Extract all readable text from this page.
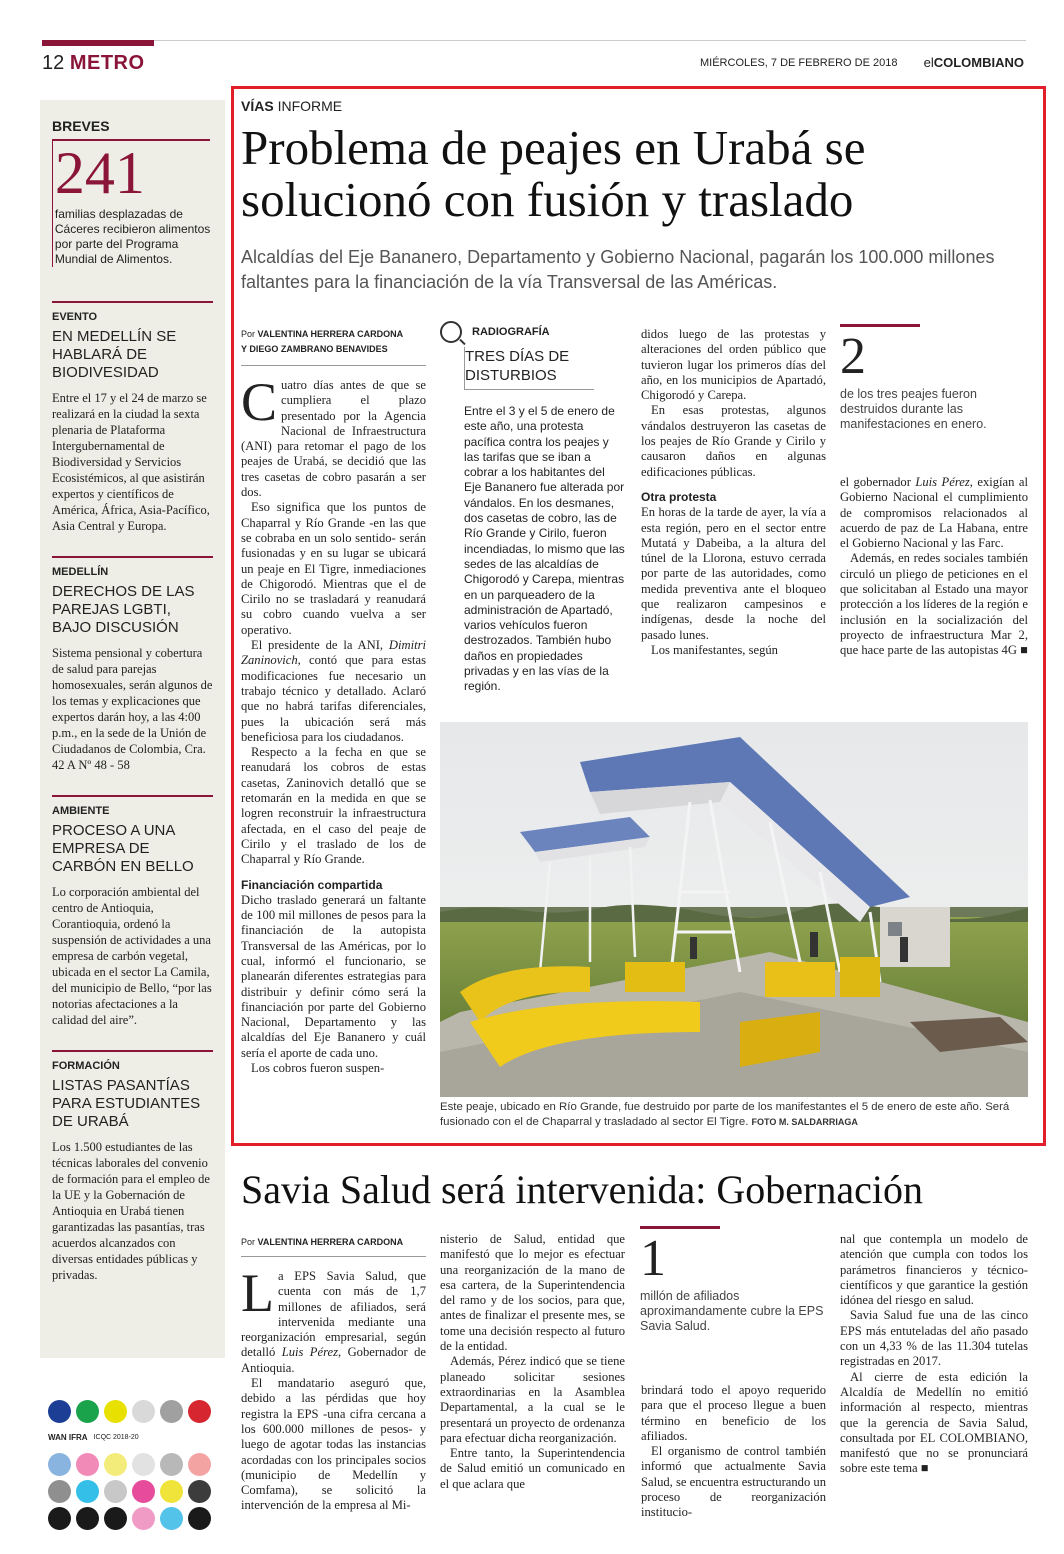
12 METRO	MIÉRCOLES, 7 DE FEBRERO DE 2018 elCOLOMBIANO
BREVES
241
familias desplazadas de Cáceres recibieron alimentos por parte del Programa Mundial de Alimentos.
EVENTO
EN MEDELLÍN SE HABLARÁ DE BIODIVESIDAD
Entre el 17 y el 24 de marzo se realizará en la ciudad la sexta plenaria de Plataforma Intergubernamental de Biodiversidad y Servicios Ecosistémicos, al que asistirán expertos y científicos de América, África, Asia-Pacífico, Asia Central y Europa.
MEDELLÍN
DERECHOS DE LAS PAREJAS LGBTI, BAJO DISCUSIÓN
Sistema pensional y cobertura de salud para parejas homosexuales, serán algunos de los temas y explicaciones que expertos darán hoy, a las 4:00 p.m., en la sede de la Unión de Ciudadanos de Colombia, Cra. 42 A Nº 48 - 58
AMBIENTE
PROCESO A UNA EMPRESA DE CARBÓN EN BELLO
Lo corporación ambiental del centro de Antioquia, Corantioquia, ordenó la suspensión de actividades a una empresa de carbón vegetal, ubicada en el sector La Camila, del municipio de Bello, “por las notorias afectaciones a la calidad del aire”.
FORMACIÓN
LISTAS PASANTÍAS PARA ESTUDIANTES DE URABÁ
Los 1.500 estudiantes de las técnicas laborales del convenio de formación para el empleo de la UE y la Gobernación de Antioquia en Urabá tienen garantizadas las pasantías, tras acuerdos alcanzados con diversas entidades públicas y privadas.
WAN IFRA ICQC 2018-20
VÍAS INFORME
Problema de peajes en Urabá se solucionó con fusión y traslado
Alcaldías del Eje Bananero, Departamento y Gobierno Nacional, pagarán los 100.000 millones faltantes para la financiación de la vía Transversal de las Américas.
Por VALENTINA HERRERA CARDONA
Y DIEGO ZAMBRANO BENAVIDES

Cuatro días antes de que se cumpliera el plazo presentado por la Agencia Nacional de Infraestructura (ANI) para retomar el pago de los peajes de Urabá, se decidió que las tres casetas de cobro pasarán a ser dos.

Eso significa que los puntos de Chaparral y Río Grande -en las que se cobraba en un solo sentido- serán fusionadas y en su lugar se ubicará un peaje en El Tigre, inmediaciones de Chigorodó. Mientras que el de Cirilo no se trasladará y reanudará su cobro cuando vuelva a ser operativo.

El presidente de la ANI, Dimitri Zaninovich, contó que para estas modificaciones fue necesario un trabajo técnico y detallado. Aclaró que no habrá tarifas diferenciales, pues la ubicación será más beneficiosa para los ciudadanos.

Respecto a la fecha en que se reanudará los cobros de estas casetas, Zaninovich detalló que se retomarán en la medida en que se logren reconstruir la infraestructura afectada, en el caso del peaje de Cirilo y el traslado de los de Chaparral y Río Grande.

Financiación compartida

Dicho traslado generará un faltante de 100 mil millones de pesos para la financiación de la autopista Transversal de las Américas, por lo cual, informó el funcionario, se planearán diferentes estrategias para distribuir y definir cómo será la financiación por parte del Gobierno Nacional, Departamento y las alcaldías del Eje Bananero y cuál sería el aporte de cada uno.

Los cobros fueron suspen-

RADIOGRAFÍA
TRES DÍAS DE DISTURBIOS
Entre el 3 y el 5 de enero de este año, una protesta pacífica contra los peajes y las tarifas que se iban a cobrar a los habitantes del Eje Bananero fue alterada por vándalos. En los desmanes, dos casetas de cobro, las de Río Grande y Cirilo, fueron incendiadas, lo mismo que las sedes de las alcaldías de Chigorodó y Carepa, mientras en un parqueadero de la administración de Apartadó, varios vehículos fueron destrozados. También hubo daños en propiedades privadas y en las vías de la región.

didos luego de las protestas y alteraciones del orden público que tuvieron lugar los primeros días del año, en los municipios de Apartadó, Chigorodó y Carepa.

En esas protestas, algunos vándalos destruyeron las casetas de los peajes de Río Grande y Cirilo y causaron daños en algunas edificaciones públicas.

Otra protesta

En horas de la tarde de ayer, la vía a esta región, pero en el sector entre Mutatá y Dabeiba, a la altura del túnel de la Llorona, estuvo cerrada por parte de las autoridades, como medida preventiva ante el bloqueo que realizaron campesinos e indígenas, desde la noche del pasado lunes.

Los manifestantes, según

2
de los tres peajes fueron destruidos durante las manifestaciones en enero.

el gobernador Luis Pérez, exigían al Gobierno Nacional el cumplimiento de compromisos relacionados al acuerdo de paz de La Habana, entre el Gobierno Nacional y las Farc.

Además, en redes sociales también circuló un pliego de peticiones en el que solicitaban al Estado una mayor protección a los líderes de la región e inclusión en la socialización del proyecto de infraestructura Mar 2, que hace parte de las autopistas 4G ■

Este peaje, ubicado en Río Grande, fue destruido por parte de los manifestantes el 5 de enero de este año. Será fusionado con el de Chaparral y trasladado al sector El Tigre. FOTO M. SALDARRIAGA
Savia Salud será intervenida: Gobernación
Por VALENTINA HERRERA CARDONA

La EPS Savia Salud, que cuenta con más de 1,7 millones de afiliados, será intervenida mediante una reorganización empresarial, según detalló Luis Pérez, Gobernador de Antioquia.

El mandatario aseguró que, debido a las pérdidas que hoy registra la EPS -una cifra cercana a los 600.000 millones de pesos- y luego de agotar todas las instancias acordadas con los principales socios (municipio de Medellín y Comfama), se solicitó la intervención de la empresa al Mi-

nisterio de Salud, entidad que manifestó que lo mejor es efectuar una reorganización de la mano de esa cartera, de la Superintendencia del ramo y de los socios, para que, antes de finalizar el presente mes, se tome una decisión respecto al futuro de la entidad.

Además, Pérez indicó que se tiene planeado solicitar sesiones extraordinarias en la Asamblea Departamental, a la cual se le presentará un proyecto de ordenanza para efectuar dicha reorganización.

Entre tanto, la Superintendencia de Salud emitió un comunicado en el que aclara que

1
millón de afiliados aproximandamente cubre la EPS Savia Salud.

brindará todo el apoyo requerido para que el proceso llegue a buen término en beneficio de los afiliados.

El organismo de control también informó que actualmente Savia Salud, se encuentra estructurando un proceso de reorganización institucio-

nal que contempla un modelo de atención que cumpla con todos los parámetros financieros y técnico-científicos y que garantice la gestión idónea del riesgo en salud.

Savia Salud fue una de las cinco EPS más entuteladas del año pasado con un 4,33 % de las 11.304 tutelas registradas en 2017.

Al cierre de esta edición la Alcaldía de Medellín no emitió información al respecto, mientras que la gerencia de Savia Salud, consultada por EL COLOMBIANO, manifestó que no se pronunciará sobre este tema ■
